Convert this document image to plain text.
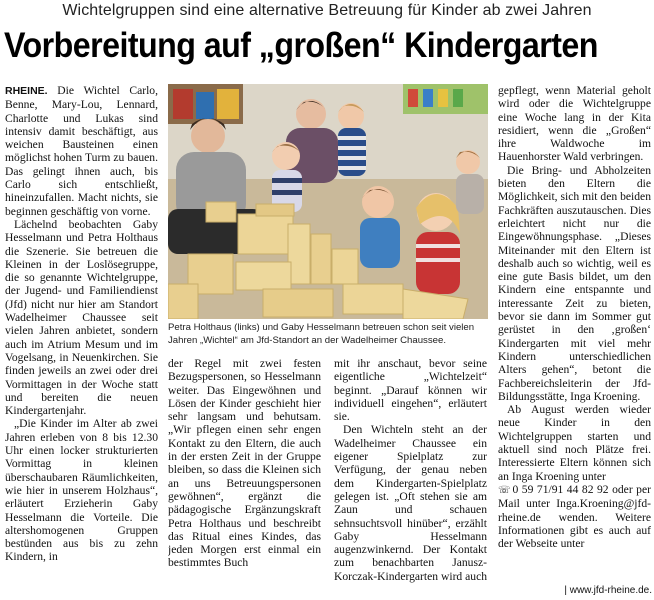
Wichtelgruppen sind eine alternative Betreuung für Kinder ab zwei Jahren
Vorbereitung auf „großen“ Kindergarten

RHEINE. Die Wichtel Carlo, Benne, Mary-Lou, Lennard, Charlotte und Lukas sind intensiv damit beschäftigt, aus weichen Bausteinen einen möglichst hohen Turm zu bauen. Das gelingt ihnen auch, bis Carlo sich entschließt, hineinzufallen. Macht nichts, sie beginnen geschäftig von vorne.

Lächelnd beobachten Gaby Hesselmann und Petra Holthaus die Szenerie. Sie betreuen die Kleinen in der Loslösegruppe, die so genannte Wichtelgruppe, der Jugend- und Familiendienst (Jfd) nicht nur hier am Standort Wadelheimer Chaussee seit vielen Jahren anbietet, sondern auch im Atrium Mesum und im Vogelsang, in Neuenkirchen. Sie finden jeweils an zwei oder drei Vormittagen in der Woche statt und bereiten die neuen Kindergartenjahr.

„Die Kinder im Alter ab zwei Jahren erleben von 8 bis 12.30 Uhr einen locker strukturierten Vormittag in kleinen überschaubaren Räumlichkeiten, wie hier in unserem Holzhaus“, erläutert Erzieherin Gaby Hesselmann die Vorteile. Die altershomogenen Gruppen bestünden aus bis zu zehn Kindern, in

Petra Holthaus (links) und Gaby Hesselmann betreuen schon seit vielen Jahren „Wichtel“ am Jfd-Standort an der Wadelheimer Chaussee.

der Regel mit zwei festen Bezugspersonen, so Hesselmann weiter. Das Eingewöhnen und Lösen der Kinder geschieht hier sehr langsam und behutsam. „Wir pflegen einen sehr engen Kontakt zu den Eltern, die auch in der ersten Zeit in der Gruppe bleiben, so dass die Kleinen sich an uns Betreuungspersonen gewöhnen“, ergänzt die pädagogische Ergänzungskraft Petra Holthaus und beschreibt das Ritual eines Kindes, das jeden Morgen erst einmal ein bestimmtes Buch

mit ihr anschaut, bevor seine eigentliche „Wichtelzeit“ beginnt. „Darauf können wir individuell eingehen“, erläutert sie.

Den Wichteln steht an der Wadelheimer Chaussee ein eigener Spielplatz zur Verfügung, der genau neben dem Kindergarten-Spielplatz gelegen ist. „Oft stehen sie am Zaun und schauen sehnsuchtsvoll hinüber“, erzählt Gaby Hesselmann augenzwinkernd. Der Kontakt zum benachbarten Janusz-Korczak-Kindergarten wird auch

gepflegt, wenn Material geholt wird oder die Wichtelgruppe eine Woche lang in der Kita residiert, wenn die „Großen“ ihre Waldwoche im Hauenhorster Wald verbringen.

Die Bring- und Abholzeiten bieten den Eltern die Möglichkeit, sich mit den beiden Fachkräften auszutauschen. Dies erleichtert nicht nur die Eingewöhnungsphase. „Dieses Miteinander mit den Eltern ist deshalb auch so wichtig, weil es eine gute Basis bildet, um den Kindern eine entspannte und interessante Zeit zu bieten, bevor sie dann im Sommer gut gerüstet in den ‚großen‘ Kindergarten mit viel mehr Kindern unterschiedlichen Alters gehen“, betont die Fachbereichsleiterin der Jfd-Bildungsstätte, Inga Kroening.

Ab August werden wieder neue Kinder in den Wichtelgruppen starten und aktuell sind noch Plätze frei. Interessierte Eltern können sich an Inga Kroening unter

☏ 0 59 71/91 44 82 92 oder per Mail unter Inga.Kroening@jfd-rheine.de wenden. Weitere Informationen gibt es auch auf der Webseite unter

| www.jfd-rheine.de.
